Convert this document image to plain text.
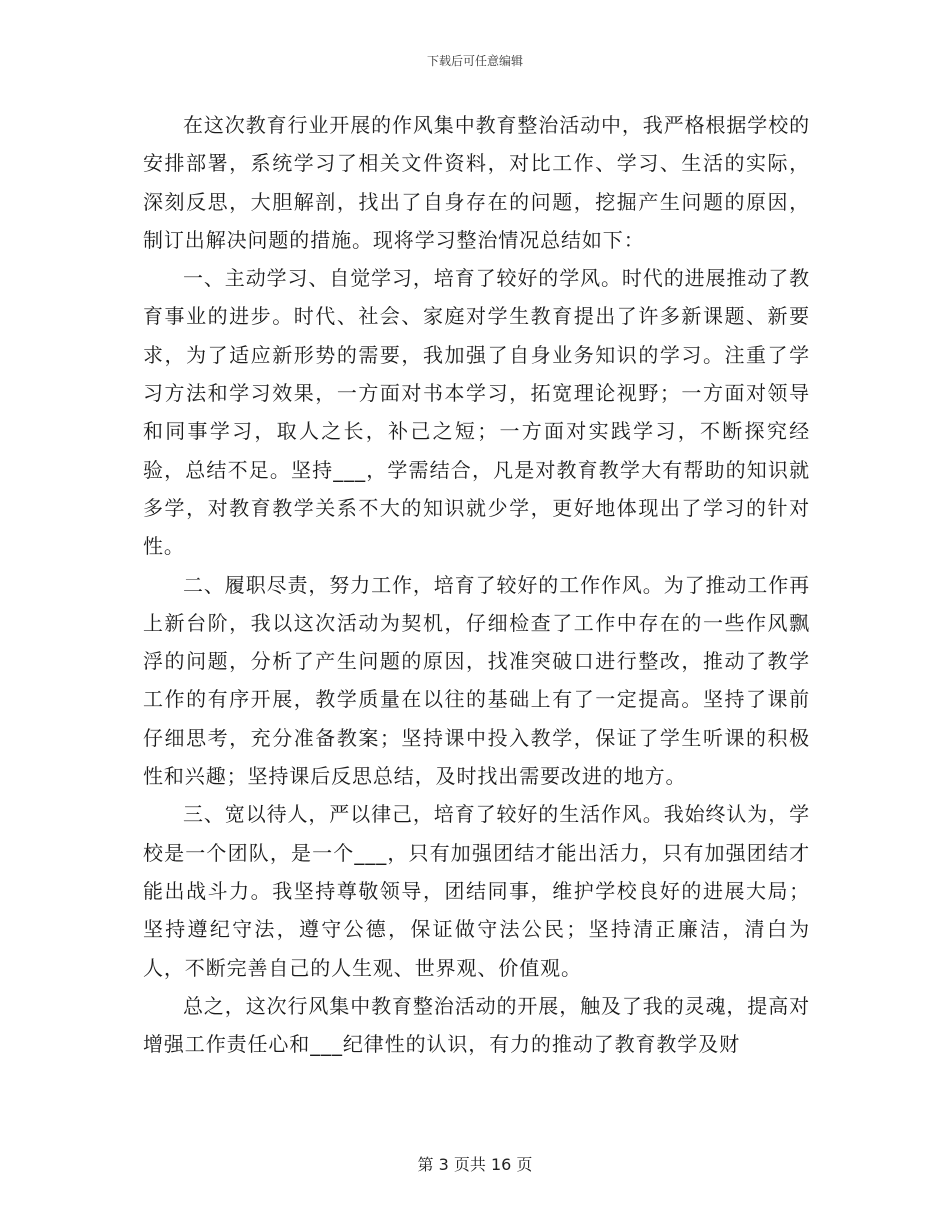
下载后可任意编辑

在这次教育行业开展的作风集中教育整治活动中，我严格根据学校的安排部署，系统学习了相关文件资料，对比工作、学习、生活的实际，深刻反思，大胆解剖，找出了自身存在的问题，挖掘产生问题的原因，制订出解决问题的措施。现将学习整治情况总结如下：

一、主动学习、自觉学习，培育了较好的学风。时代的进展推动了教育事业的进步。时代、社会、家庭对学生教育提出了许多新课题、新要求，为了适应新形势的需要，我加强了自身业务知识的学习。注重了学习方法和学习效果，一方面对书本学习，拓宽理论视野；一方面对领导和同事学习，取人之长，补己之短；一方面对实践学习，不断探究经验，总结不足。坚持___，学需结合，凡是对教育教学大有帮助的知识就多学，对教育教学关系不大的知识就少学，更好地体现出了学习的针对性。

二、履职尽责，努力工作，培育了较好的工作作风。为了推动工作再上新台阶，我以这次活动为契机，仔细检查了工作中存在的一些作风飘浮的问题，分析了产生问题的原因，找准突破口进行整改，推动了教学工作的有序开展，教学质量在以往的基础上有了一定提高。坚持了课前仔细思考，充分准备教案；坚持课中投入教学，保证了学生听课的积极性和兴趣；坚持课后反思总结，及时找出需要改进的地方。

三、宽以待人，严以律己，培育了较好的生活作风。我始终认为，学校是一个团队，是一个___，只有加强团结才能出活力，只有加强团结才能出战斗力。我坚持尊敬领导，团结同事，维护学校良好的进展大局；坚持遵纪守法，遵守公德，保证做守法公民；坚持清正廉洁，清白为人，不断完善自己的人生观、世界观、价值观。

总之，这次行风集中教育整治活动的开展，触及了我的灵魂，提高对增强工作责任心和___纪律性的认识，有力的推动了教育教学及财

第 3 页共 16 页
